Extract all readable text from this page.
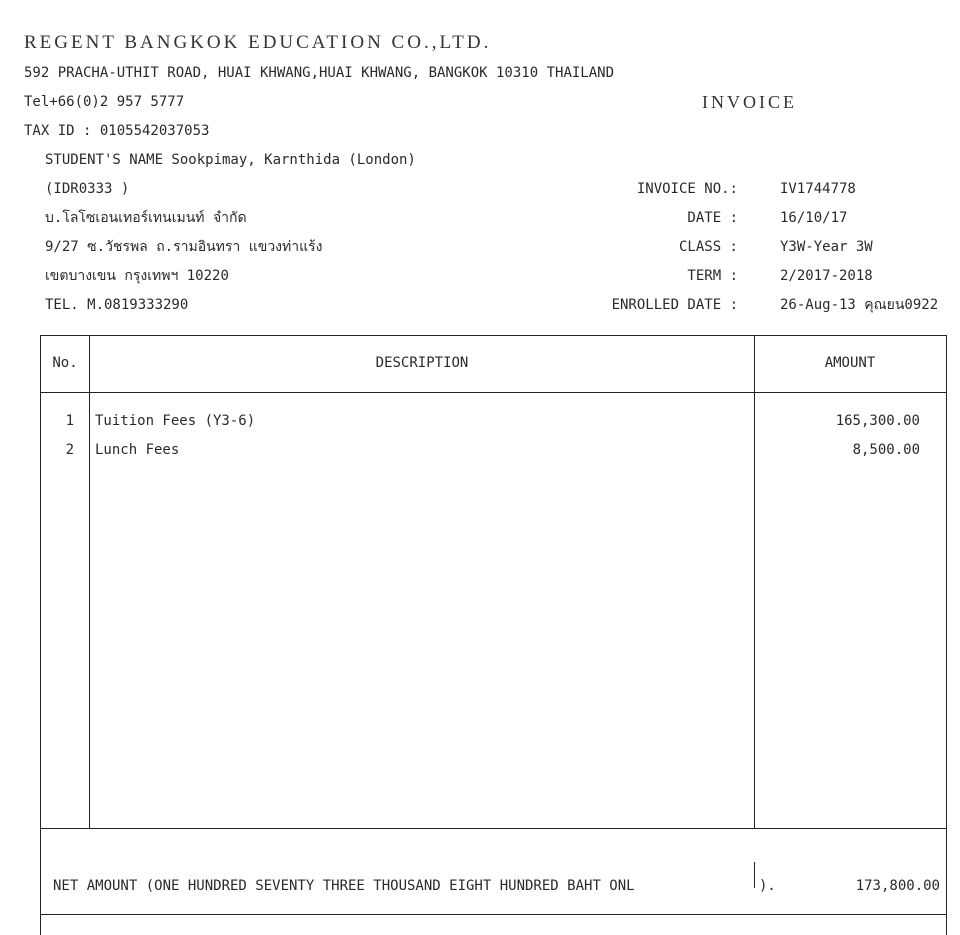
REGENT BANGKOK EDUCATION CO.,LTD.
592 PRACHA-UTHIT ROAD, HUAI KHWANG,HUAI KHWANG, BANGKOK 10310 THAILAND
Tel+66(0)2 957 5777	INVOICE
TAX ID : 0105542037053
STUDENT'S NAME Sookpimay, Karnthida (London)
(IDR0333 )
บ.โลโซเอนเทอร์เทนเมนท์ จำกัด
9/27 ซ.วัชรพล ถ.รามอินทรา แขวงท่าแร้ง
เขตบางเขน กรุงเทพฯ 10220
TEL. M.0819333290
INVOICE NO.:	IV1744778
DATE :	16/10/17
CLASS :	Y3W-Year 3W
TERM :	2/2017-2018
ENROLLED DATE :	26-Aug-13 คุณยน0922
No.	DESCRIPTION	AMOUNT
1 Tuition Fees (Y3-6)	165,300.00
2 Lunch Fees	8,500.00
NET AMOUNT (ONE HUNDRED SEVENTY THREE THOUSAND EIGHT HUNDRED BAHT ONL	).	173,800.00
